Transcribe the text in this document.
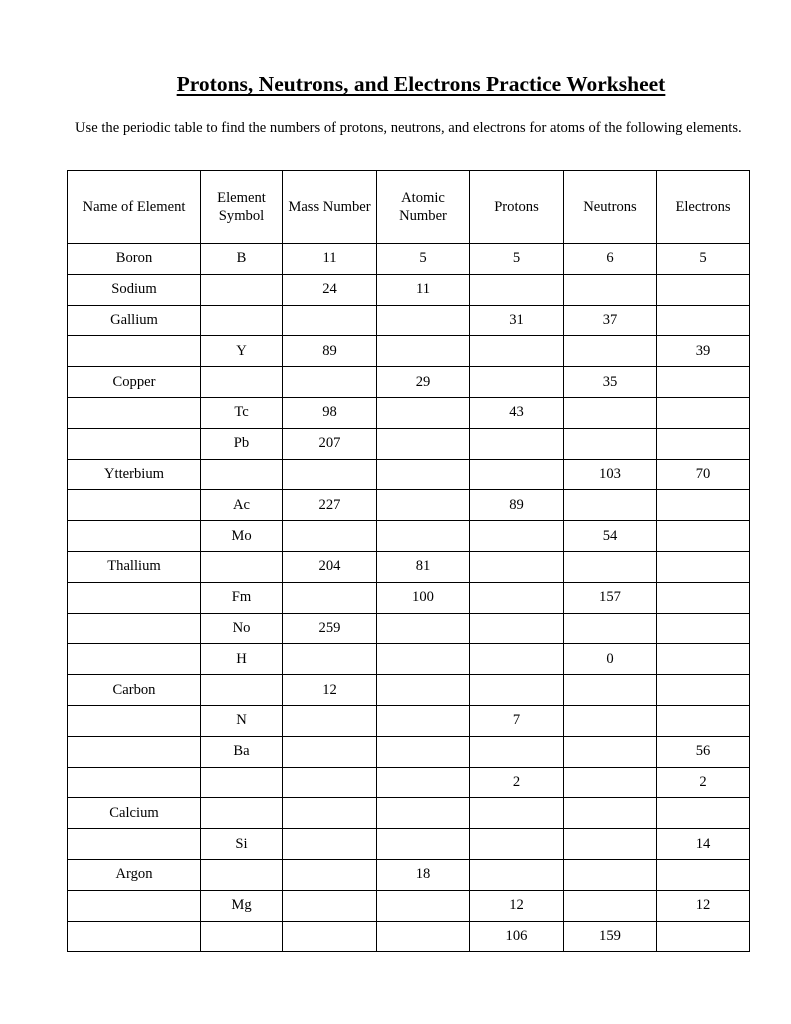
Protons, Neutrons, and Electrons Practice Worksheet
Use the periodic table to find the numbers of protons, neutrons, and electrons for atoms of the following elements.
Name of Element	Element Symbol	Mass Number	Atomic Number	Protons	Neutrons	Electrons
Boron	B	11	5	5	6	5
Sodium		24	11			
Gallium				31	37	
	Y	89				39
Copper			29		35	
	Tc	98		43		
	Pb	207				
Ytterbium					103	70
	Ac	227		89		
	Mo				54	
Thallium		204	81			
	Fm		100		157	
	No	259				
	H				0	
Carbon		12				
	N			7		
	Ba					56
				2		2
Calcium						
	Si					14
Argon			18			
	Mg			12		12
				106	159	
